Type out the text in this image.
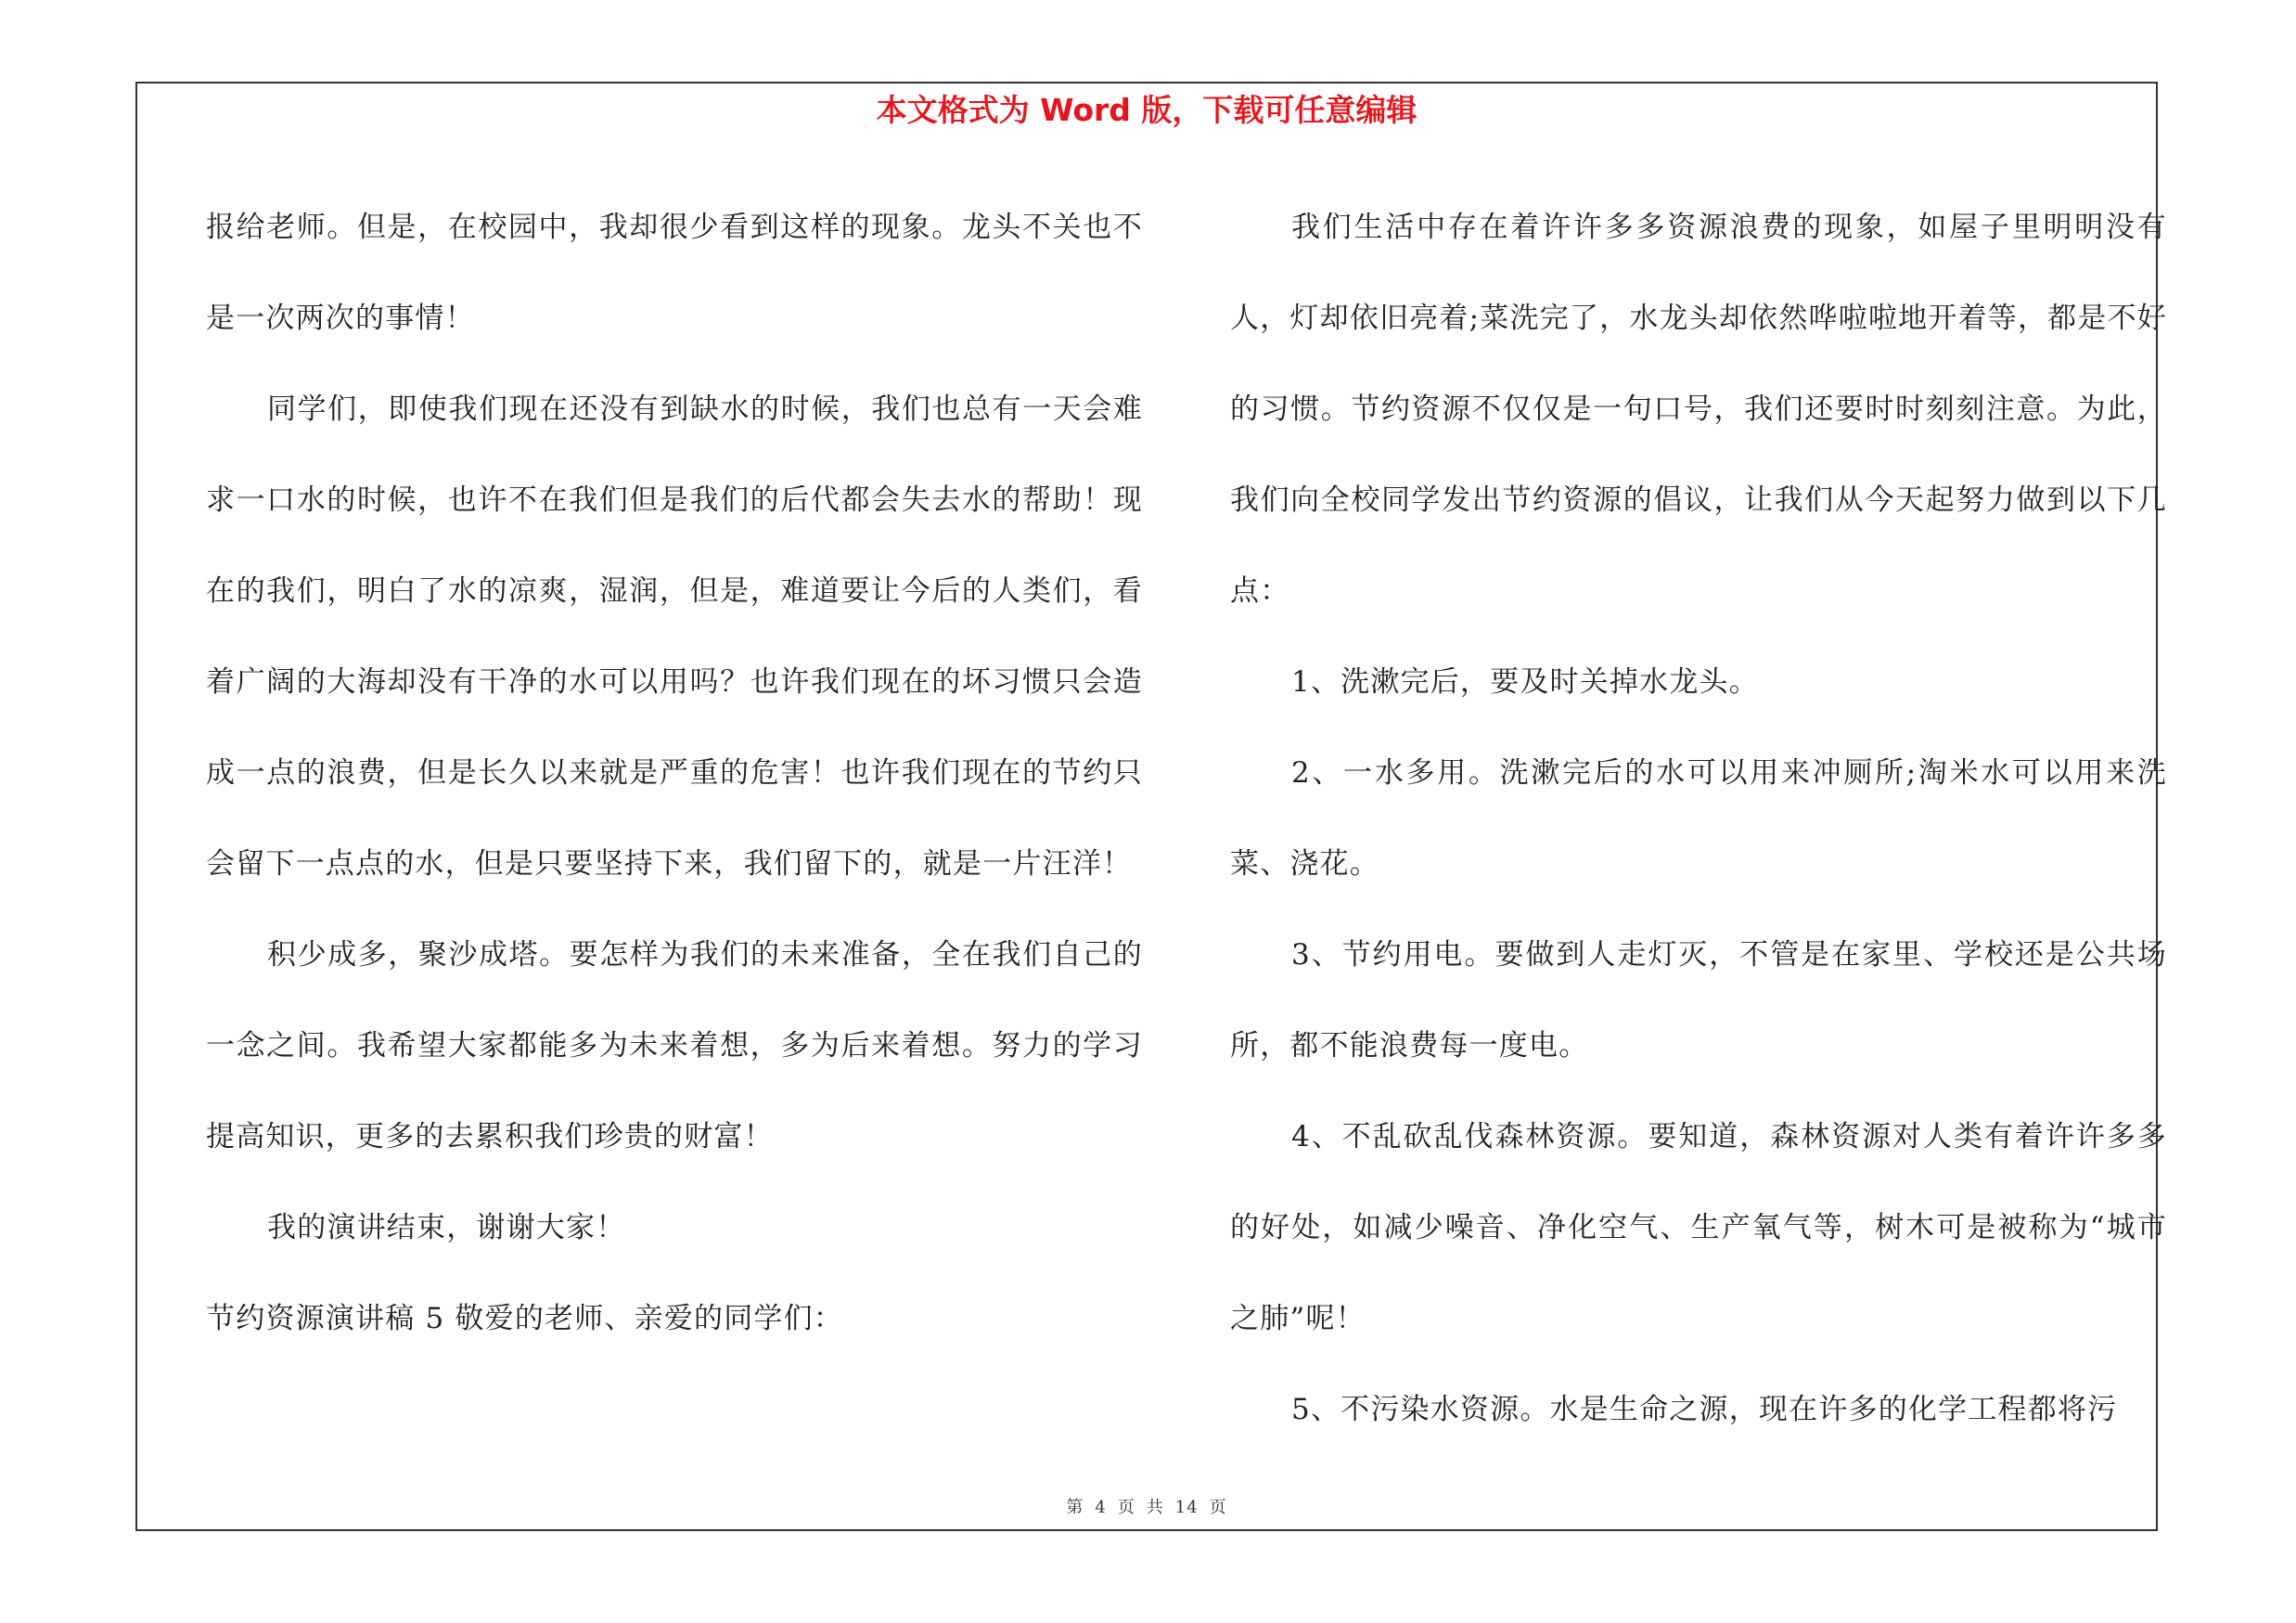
本文格式为 Word 版，下载可任意编辑

报给老师。但是，在校园中，我却很少看到这样的现象。龙头不关也不是一次两次的事情！

同学们，即使我们现在还没有到缺水的时候，我们也总有一天会难求一口水的时候，也许不在我们但是我们的后代都会失去水的帮助！现在的我们，明白了水的凉爽，湿润，但是，难道要让今后的人类们，看着广阔的大海却没有干净的水可以用吗？也许我们现在的坏习惯只会造成一点的浪费，但是长久以来就是严重的危害！也许我们现在的节约只会留下一点点的水，但是只要坚持下来，我们留下的，就是一片汪洋！

积少成多，聚沙成塔。要怎样为我们的未来准备，全在我们自己的一念之间。我希望大家都能多为未来着想，多为后来着想。努力的学习提高知识，更多的去累积我们珍贵的财富！

我的演讲结束，谢谢大家！

节约资源演讲稿 5 敬爱的老师、亲爱的同学们：

我们生活中存在着许许多多资源浪费的现象，如屋子里明明没有人，灯却依旧亮着;菜洗完了，水龙头却依然哗啦啦地开着等，都是不好的习惯。节约资源不仅仅是一句口号，我们还要时时刻刻注意。为此，我们向全校同学发出节约资源的倡议，让我们从今天起努力做到以下几点：

1、洗漱完后，要及时关掉水龙头。

2、一水多用。洗漱完后的水可以用来冲厕所;淘米水可以用来洗菜、浇花。

3、节约用电。要做到人走灯灭，不管是在家里、学校还是公共场所，都不能浪费每一度电。

4、不乱砍乱伐森林资源。要知道，森林资源对人类有着许许多多的好处，如减少噪音、净化空气、生产氧气等，树木可是被称为“城市之肺”呢！

5、不污染水资源。水是生命之源，现在许多的化学工程都将污

第 4 页 共 14 页
